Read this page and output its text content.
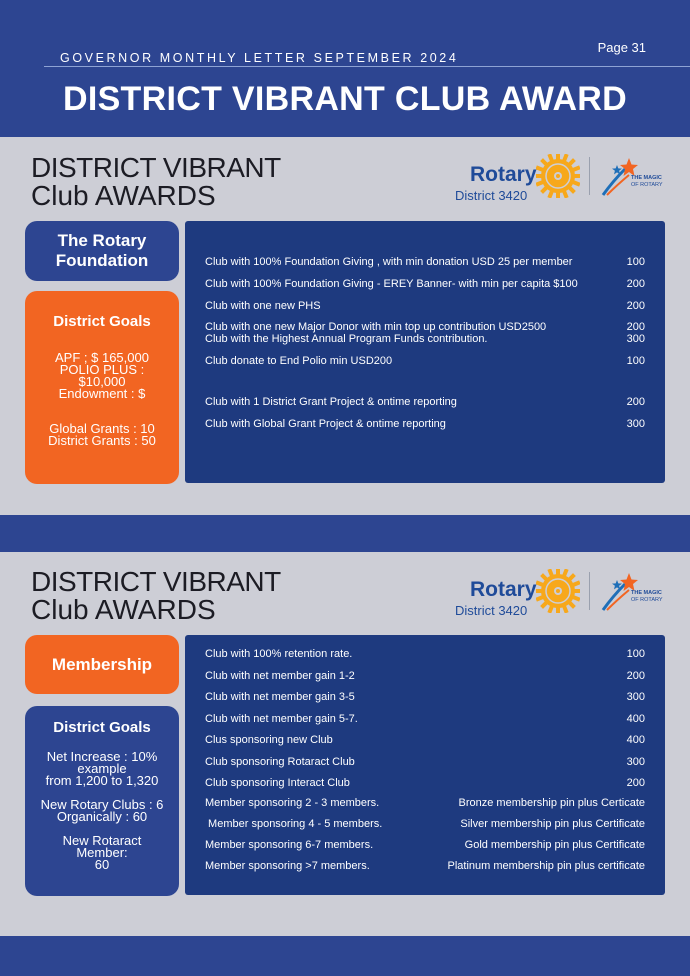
Page 31
GOVERNOR MONTHLY LETTER SEPTEMBER 2024
DISTRICT VIBRANT CLUB AWARD
DISTRICT VIBRANT
Club AWARDS
Rotary
District 3420
THE MAGIC
OF ROTARY
The Rotary
Foundation
District Goals
APF ; $ 165,000
POLIO PLUS :
$10,000
Endowment : $
Global Grants : 10
District Grants : 50
Club with 100% Foundation Giving , with min donation USD 25 per member	100
Club with 100% Foundation Giving - EREY Banner- with min per capita $100	200
Club with one new PHS	200
Club with one new Major Donor with min top up contribution USD2500	200
Club with the Highest Annual Program Funds contribution.	300
Club donate to End Polio min USD200	100
Club with 1 District Grant Project & ontime reporting	200
Club with Global Grant Project & ontime reporting	300
DISTRICT VIBRANT
Club AWARDS
Rotary
District 3420
THE MAGIC
OF ROTARY
Membership
District Goals
Net Increase : 10%
example
from 1,200 to 1,320
New Rotary Clubs : 6
Organically : 60
New Rotaract
Member:
60
Club with 100% retention rate.	100
Club with net member gain 1-2	200
Club with net member gain 3-5	300
Club with net member gain 5-7.	400
Clus sponsoring new Club	400
Club sponsoring Rotaract Club	300
Club sponsoring Interact Club	200
Member sponsoring 2 - 3 members.	Bronze membership pin plus Certicate
Member sponsoring 4 - 5 members.	Silver membership pin plus Certificate
Member sponsoring 6-7 members.	Gold membership pin plus Certificate
Member sponsoring >7 members.	Platinum membership pin plus certificate
